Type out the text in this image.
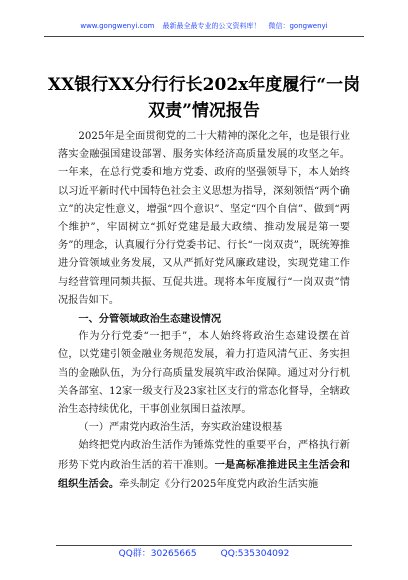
www.gongwenyi.com 最新最全最专业的公文资料库！ 微信：gongwenyi
XX银行XX分行行长202x年度履行“一岗双责”情况报告

2025年是全面贯彻党的二十大精神的深化之年，也是银行业落实金融强国建设部署、服务实体经济高质量发展的攻坚之年。一年来，在总行党委和地方党委、政府的坚强领导下，本人始终以习近平新时代中国特色社会主义思想为指导，深刻领悟“两个确立”的决定性意义，增强“四个意识”、坚定“四个自信”、做到“两个维护”，牢固树立“抓好党建是最大政绩、推动发展是第一要务”的理念，认真履行分行党委书记、行长“一岗双责”，既统筹推进分管领域业务发展，又从严抓好党风廉政建设，实现党建工作与经营管理同频共振、互促共进。现将本年度履行“一岗双责”情况报告如下。

一、分管领域政治生态建设情况

作为分行党委“一把手”，本人始终将政治生态建设摆在首位，以党建引领金融业务规范发展，着力打造风清气正、务实担当的金融队伍，为分行高质量发展筑牢政治保障。通过对分行机关各部室、12家一级支行及23家社区支行的常态化督导，全辖政治生态持续优化，干事创业氛围日益浓厚。

（一）严肃党内政治生活，夯实政治建设根基

始终把党内政治生活作为锤炼党性的重要平台，严格执行新形势下党内政治生活的若干准则。一是高标准推进民主生活会和组织生活会。牵头制定《分行2025年度党内政治生活实施

QQ群：30265665	QQ:535304092
